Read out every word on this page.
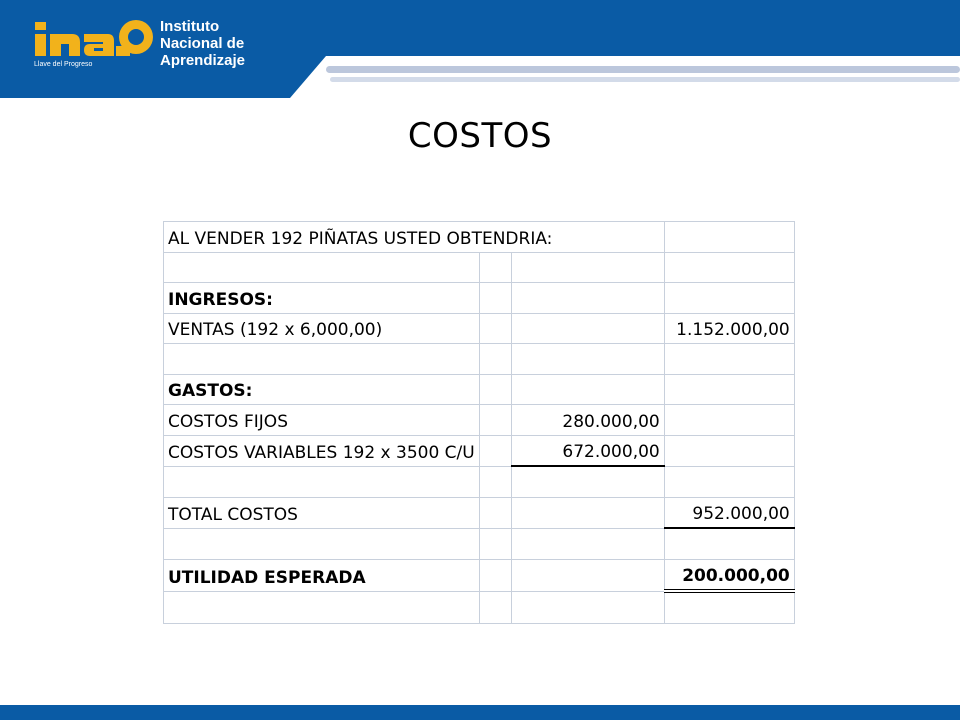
Llave del Progreso
Instituto
Nacional de
Aprendizaje
COSTOS
AL VENDER 192 PIÑATAS USTED OBTENDRIA:			

INGRESOS:			
VENTAS (192 x 6,000,00)			1.152.000,00

GASTOS:			
COSTOS FIJOS		280.000,00	
COSTOS VARIABLES 192 x 3500 C/U		672.000,00	

TOTAL COSTOS			952.000,00

UTILIDAD ESPERADA			200.000,00
